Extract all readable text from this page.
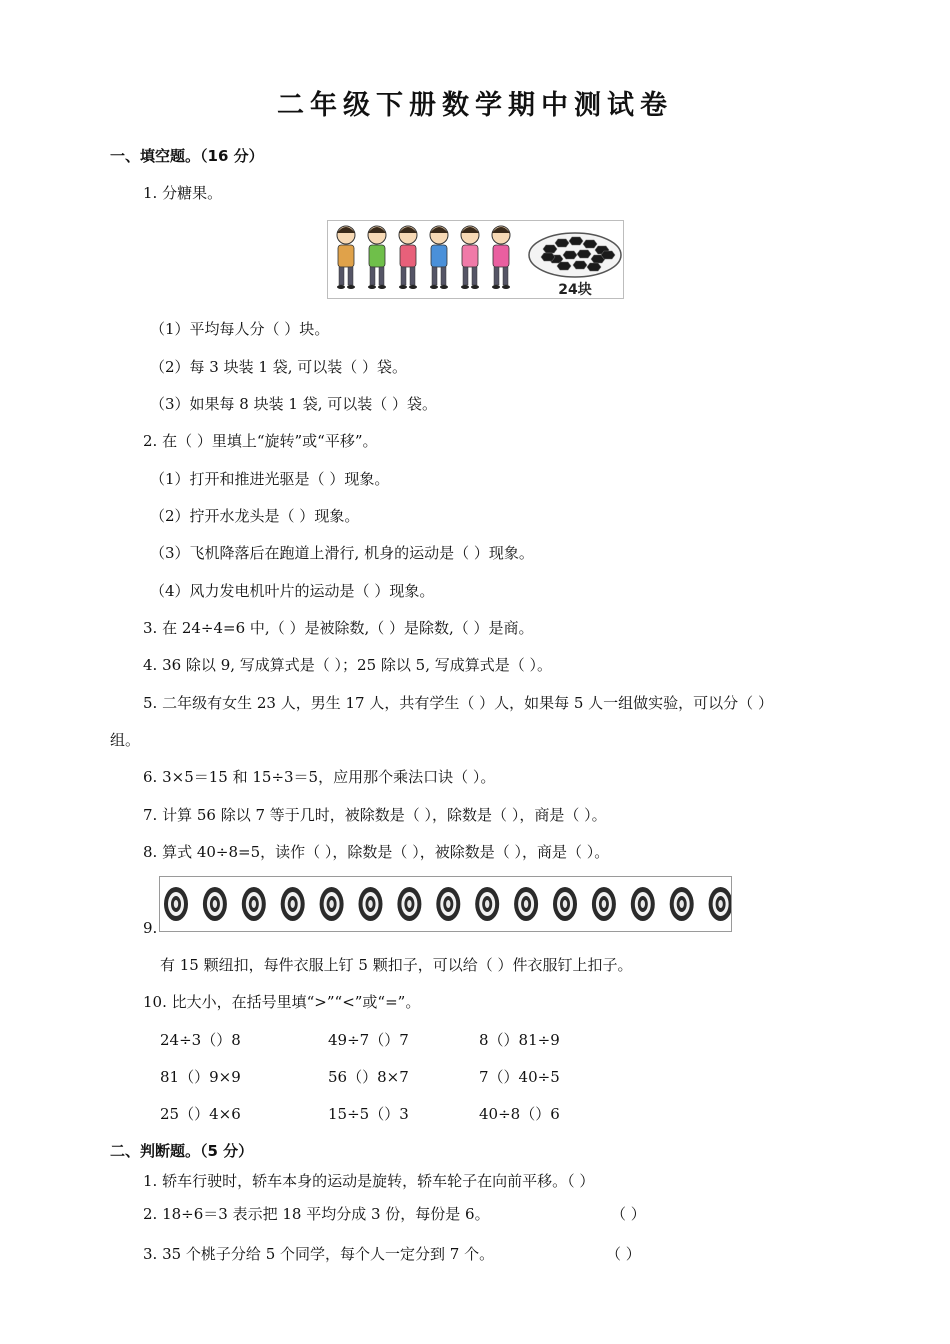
二年级下册数学期中测试卷
一、填空题。（16 分）
1. 分糖果。
24块
（1）平均每人分（ ）块。
（2）每 3 块装 1 袋, 可以装（ ）袋。
（3）如果每 8 块装 1 袋, 可以装（ ）袋。
2. 在（ ）里填上“旋转”或“平移”。
（1）打开和推进光驱是（ ）现象。
（2）拧开水龙头是（ ）现象。
（3）飞机降落后在跑道上滑行, 机身的运动是（ ）现象。
（4）风力发电机叶片的运动是（ ）现象。
3. 在 24÷4=6 中,（ ）是被除数,（ ）是除数,（ ）是商。
4. 36 除以 9, 写成算式是（ ）；25 除以 5, 写成算式是（ ）。
5. 二年级有女生 23 人，男生 17 人，共有学生（ ）人，如果每 5 人一组做实验，可以分（ ）
组。
6. 3×5＝15 和 15÷3＝5，应用那个乘法口诀（ ）。
7. 计算 56 除以 7 等于几时，被除数是（ ），除数是（ ），商是（ ）。
8. 算式 40÷8=5，读作（ ），除数是（ ），被除数是（ ），商是（ ）。
9.
有 15 颗纽扣，每件衣服上钉 5 颗扣子，可以给（ ）件衣服钉上扣子。
10. 比大小，在括号里填“>”“<”或“=”。
24÷3（）8	49÷7（）7	8（）81÷9
81（）9×9	56（）8×7	7（）40÷5
25（）4×6	15÷5（）3	40÷8（）6
二、判断题。（5 分）
1. 轿车行驶时，轿车本身的运动是旋转，轿车轮子在向前平移。（ ）
2. 18÷6＝3 表示把 18 平均分成 3 份，每份是 6。	（ ）
3. 35 个桃子分给 5 个同学，每个人一定分到 7 个。	（ ）
